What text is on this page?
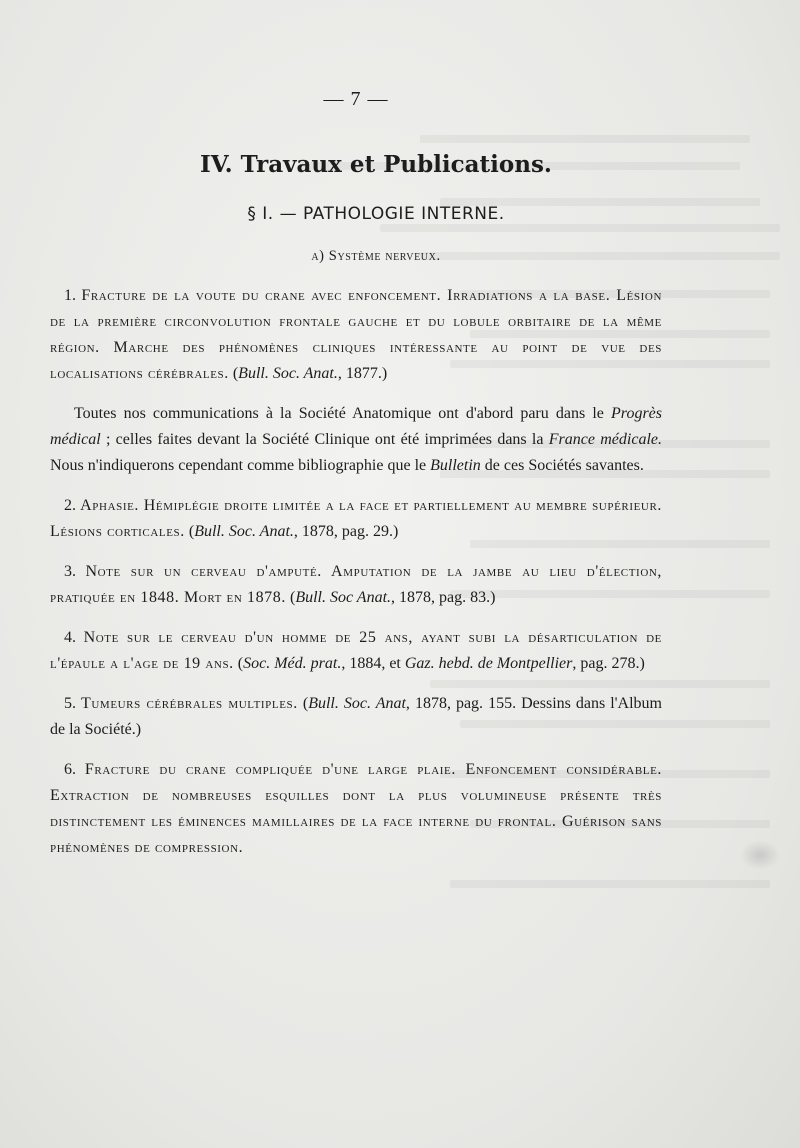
— 7 —
IV. Travaux et Publications.
§ I. — PATHOLOGIE INTERNE.
a) Système nerveux.
1. Fracture de la voute du crane avec enfoncement. Irradiations a la base. Lésion de la première circonvolution frontale gauche et du lobule orbitaire de la même région. Marche des phénomènes cliniques intéressante au point de vue des localisations cérébrales. (Bull. Soc. Anat., 1877.)
Toutes nos communications à la Société Anatomique ont d'abord paru dans le Progrès médical ; celles faites devant la Société Clinique ont été imprimées dans la France médicale. Nous n'indiquerons cependant comme bibliographie que le Bulletin de ces Sociétés savantes.
2. Aphasie. Hémiplégie droite limitée a la face et partiellement au membre supérieur. Lésions corticales. (Bull. Soc. Anat., 1878, pag. 29.)
3. Note sur un cerveau d'amputé. Amputation de la jambe au lieu d'élection, pratiquée en 1848. Mort en 1878. (Bull. Soc Anat., 1878, pag. 83.)
4. Note sur le cerveau d'un homme de 25 ans, ayant subi la désarticulation de l'épaule a l'age de 19 ans. (Soc. Méd. prat., 1884, et Gaz. hebd. de Montpellier, pag. 278.)
5. Tumeurs cérébrales multiples. (Bull. Soc. Anat, 1878, pag. 155. Dessins dans l'Album de la Société.)
6. Fracture du crane compliquée d'une large plaie. Enfoncement considérable. Extraction de nombreuses esquilles dont la plus volumineuse présente très distinctement les éminences mamillaires de la face interne du frontal. Guérison sans phénomènes de compression.
